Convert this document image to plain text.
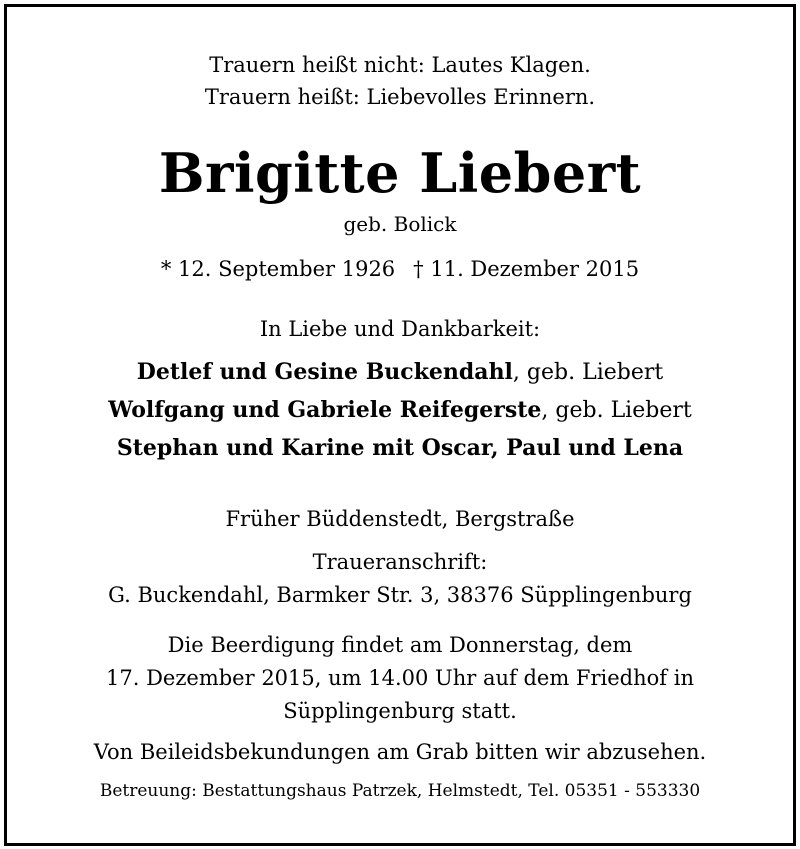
Trauern heißt nicht: Lautes Klagen.
Trauern heißt: Liebevolles Erinnern.
Brigitte Liebert
geb. Bolick
* 12. September 1926 † 11. Dezember 2015
In Liebe und Dankbarkeit:
Detlef und Gesine Buckendahl, geb. Liebert
Wolfgang und Gabriele Reifegerste, geb. Liebert
Stephan und Karine mit Oscar, Paul und Lena
Früher Büddenstedt, Bergstraße
Traueranschrift:
G. Buckendahl, Barmker Str. 3, 38376 Süpplingenburg
Die Beerdigung findet am Donnerstag, dem
17. Dezember 2015, um 14.00 Uhr auf dem Friedhof in
Süpplingenburg statt.
Von Beileidsbekundungen am Grab bitten wir abzusehen.
Betreuung: Bestattungshaus Patrzek, Helmstedt, Tel. 05351 - 553330
